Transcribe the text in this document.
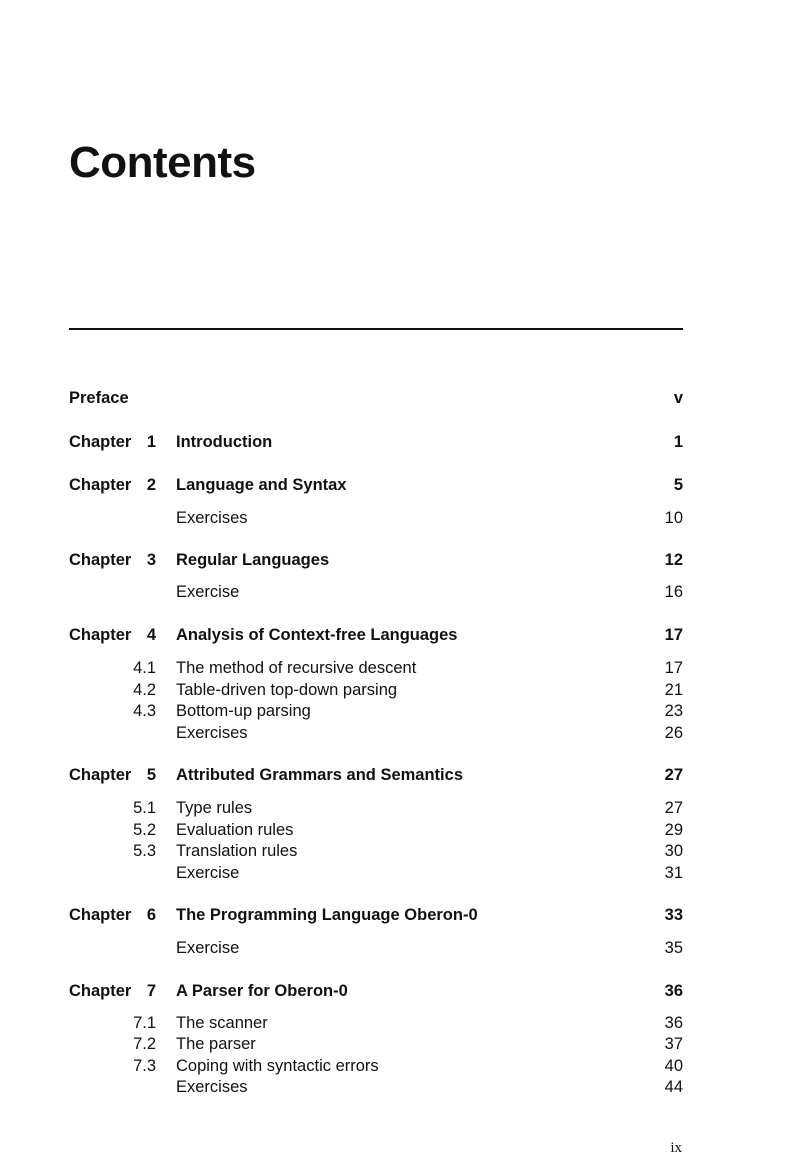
Contents
Preface	v
Chapter 1 Introduction	1
Chapter 2 Language and Syntax	5
Exercises	10
Chapter 3 Regular Languages	12
Exercise	16
Chapter 4 Analysis of Context-free Languages	17
4.1 The method of recursive descent	17
4.2 Table-driven top-down parsing	21
4.3 Bottom-up parsing	23
Exercises	26
Chapter 5 Attributed Grammars and Semantics	27
5.1 Type rules	27
5.2 Evaluation rules	29
5.3 Translation rules	30
Exercise	31
Chapter 6 The Programming Language Oberon-0	33
Exercise	35
Chapter 7 A Parser for Oberon-0	36
7.1 The scanner	36
7.2 The parser	37
7.3 Coping with syntactic errors	40
Exercises	44
ix
